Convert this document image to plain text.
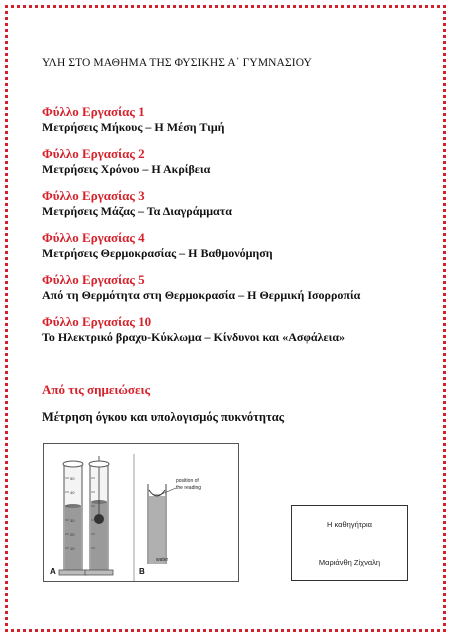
ΥΛΗ ΣΤΟ ΜΑΘΗΜΑ ΤΗΣ ΦΥΣΙΚΗΣ Α΄ ΓΥΜΝΑΣΙΟΥ
Φύλλο Εργασίας 1
Μετρήσεις Μήκους – Η Μέση Τιμή
Φύλλο Εργασίας 2
Μετρήσεις Χρόνου – Η Ακρίβεια
Φύλλο Εργασίας 3
Μετρήσεις Μάζας – Τα Διαγράμματα
Φύλλο Εργασίας 4
Μετρήσεις Θερμοκρασίας – Η Βαθμονόμηση
Φύλλο Εργασίας 5
Από τη Θερμότητα στη Θερμοκρασία – Η Θερμική Ισορροπία
Φύλλο Εργασίας 10
Το Ηλεκτρικό βραχυ-Κύκλωμα – Κίνδυνοι και «Ασφάλεια»
Από τις σημειώσεις

Μέτρηση όγκου και υπολογισμός πυκνότητας

50
40
30
20
10
A
position of
the reading
water
B
Η καθηγήτρια
Μαριάνθη Ζίχναλη
